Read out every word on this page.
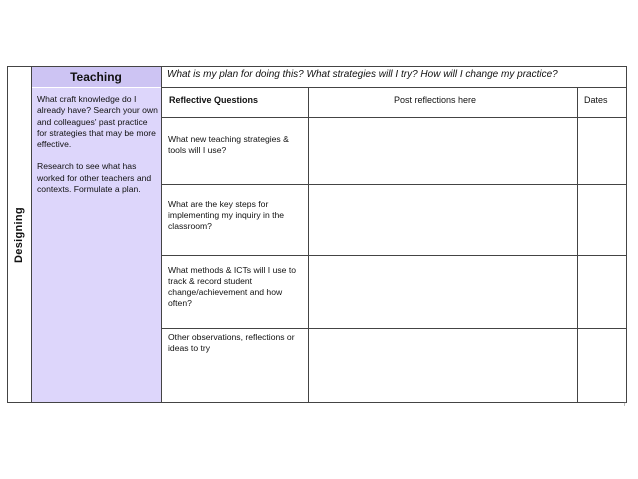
Designing
Teaching

What craft knowledge do I already have? Search your own and colleagues' past practice for strategies that may be more effective.

Research to see what has worked for other teachers and contexts. Formulate a plan.

What is my plan for doing this? What strategies will I try? How will I change my practice?
Reflective Questions	Post reflections here	Dates
What new teaching strategies & tools will I use?
What are the key steps for implementing my inquiry in the classroom?
What methods & ICTs will I use to track & record student change/achievement and how often?
Other observations, reflections or ideas to try
r
